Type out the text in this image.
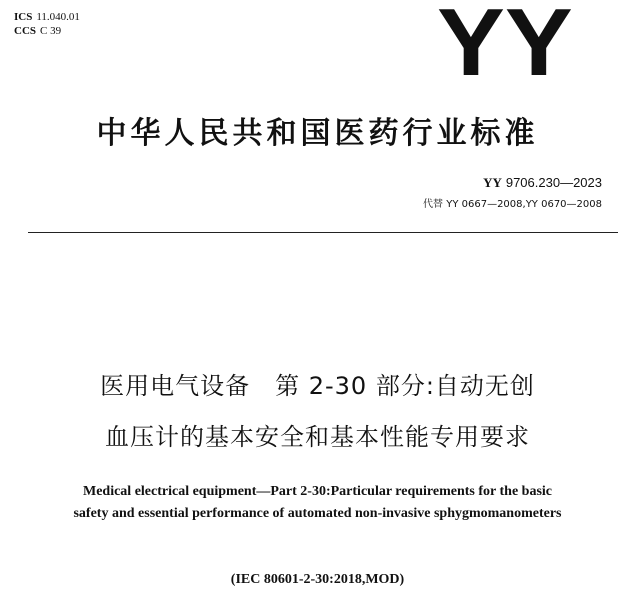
ICS 11.040.01
CCS C 39	YY
中华人民共和国医药行业标准
YY 9706.230—2023
代替 YY 0667—2008,YY 0670—2008
医用电气设备　第 2-30 部分:自动无创
血压计的基本安全和基本性能专用要求
Medical electrical equipment—Part 2-30:Particular requirements for the basic
safety and essential performance of automated non-invasive sphygmomanometers
(IEC 80601-2-30:2018,MOD)
